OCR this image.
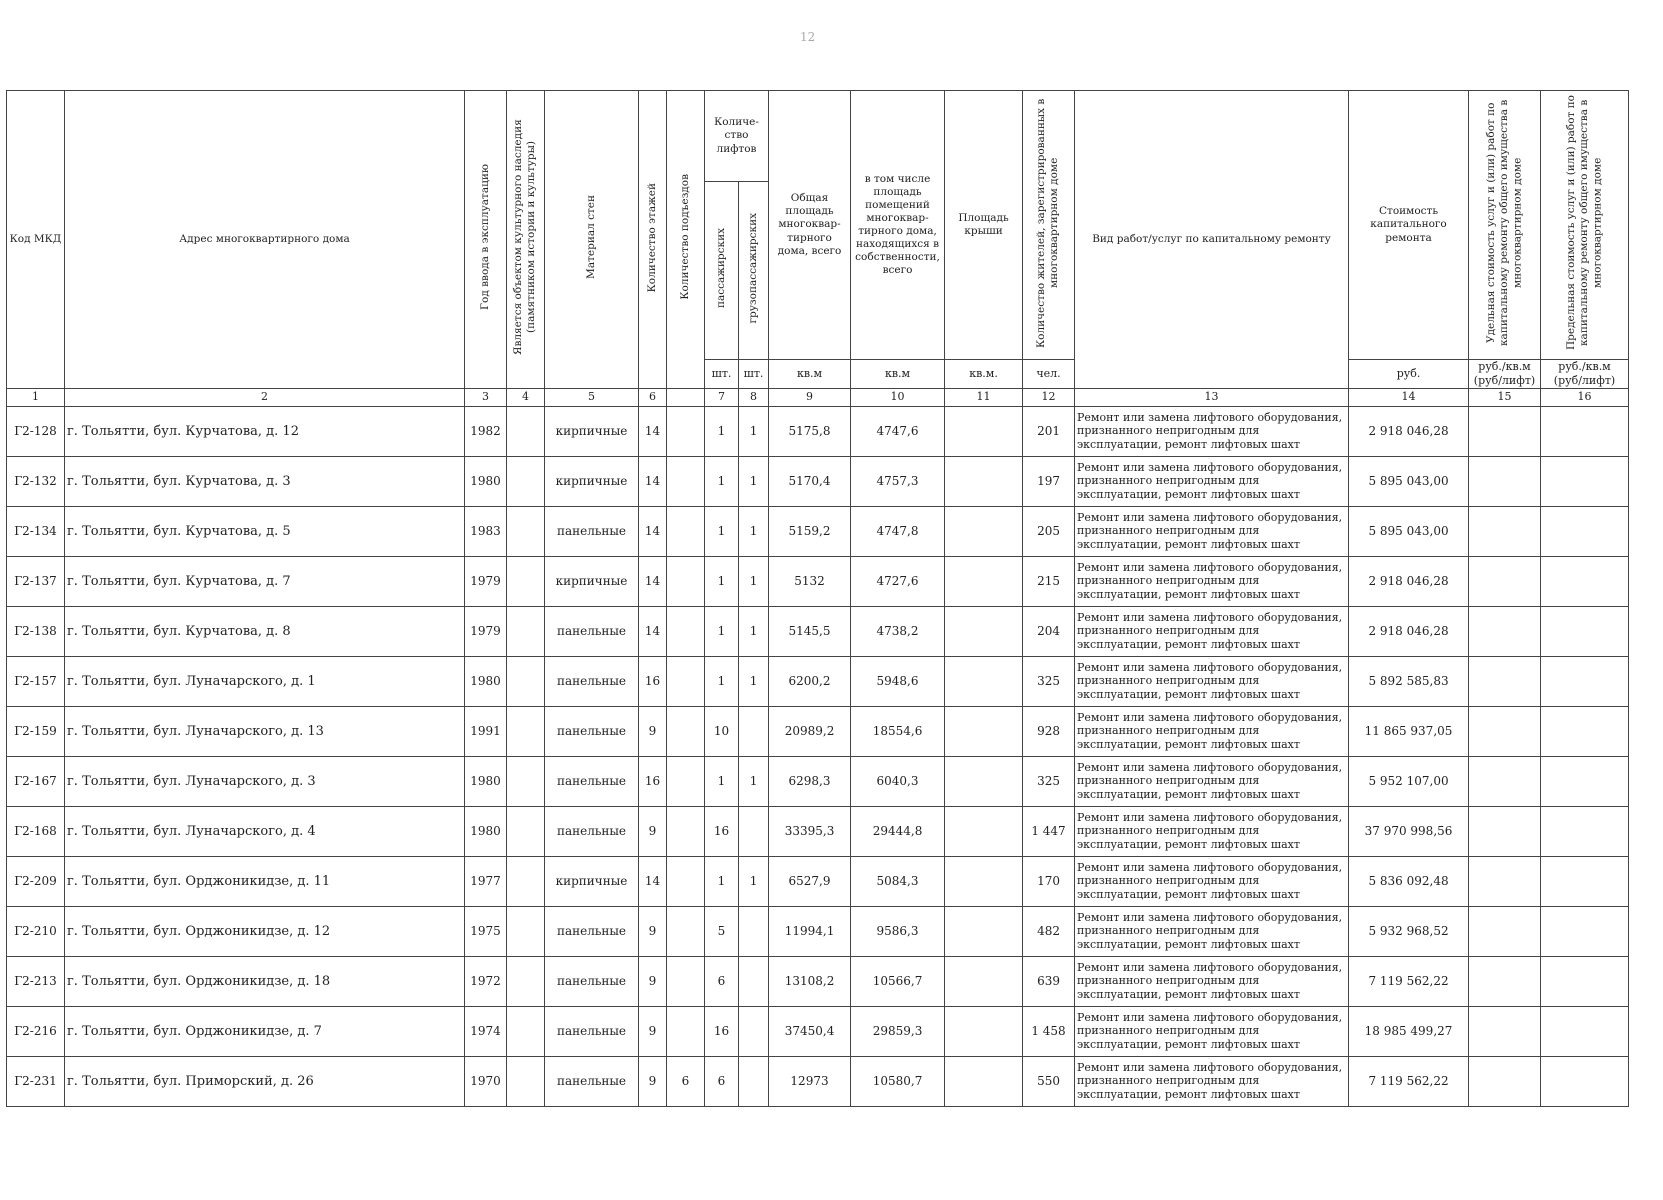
12
Код МКД	Адрес многоквартирного дома	Год ввода в эксплуатацию	Является объектом культурного наследия (памятником истории и культуры)	Материал стен	Количество этажей	Количество подъездов	Количе-ство лифтов		Общая площадь многоквар-тирного дома, всего	в том числе площадь помещений многоквар-тирного дома, находящихся в собственности, всего	Площадь крыши	Количество жителей, зарегистрированных в многоквартирном доме	Вид работ/услуг по капитальному ремонту	Стоимость капитального ремонта	Удельная стоимость услуг и (или) работ по капитальному ремонту общего имущества в многоквартирном доме	Предельная стоимость услуг и (или) работ по капитальному ремонту общего имущества в многоквартирном доме
							пассажирских	грузопассажирских								
							шт.	шт.	кв.м	кв.м	кв.м.	чел.		руб.	руб./кв.м (руб/лифт)	руб./кв.м (руб/лифт)
1	2	3	4	5	6		7	8	9	10	11	12	13	14	15	16
Г2-128	г. Тольятти, бул. Курчатова, д. 12	1982		кирпичные	14		1	1	5175,8	4747,6		201	Ремонт или замена лифтового оборудования, признанного непригодным для эксплуатации, ремонт лифтовых шахт	2 918 046,28		
Г2-132	г. Тольятти, бул. Курчатова, д. 3	1980		кирпичные	14		1	1	5170,4	4757,3		197	Ремонт или замена лифтового оборудования, признанного непригодным для эксплуатации, ремонт лифтовых шахт	5 895 043,00		
Г2-134	г. Тольятти, бул. Курчатова, д. 5	1983		панельные	14		1	1	5159,2	4747,8		205	Ремонт или замена лифтового оборудования, признанного непригодным для эксплуатации, ремонт лифтовых шахт	5 895 043,00		
Г2-137	г. Тольятти, бул. Курчатова, д. 7	1979		кирпичные	14		1	1	5132	4727,6		215	Ремонт или замена лифтового оборудования, признанного непригодным для эксплуатации, ремонт лифтовых шахт	2 918 046,28		
Г2-138	г. Тольятти, бул. Курчатова, д. 8	1979		панельные	14		1	1	5145,5	4738,2		204	Ремонт или замена лифтового оборудования, признанного непригодным для эксплуатации, ремонт лифтовых шахт	2 918 046,28		
Г2-157	г. Тольятти, бул. Луначарского, д. 1	1980		панельные	16		1	1	6200,2	5948,6		325	Ремонт или замена лифтового оборудования, признанного непригодным для эксплуатации, ремонт лифтовых шахт	5 892 585,83		
Г2-159	г. Тольятти, бул. Луначарского, д. 13	1991		панельные	9		10		20989,2	18554,6		928	Ремонт или замена лифтового оборудования, признанного непригодным для эксплуатации, ремонт лифтовых шахт	11 865 937,05		
Г2-167	г. Тольятти, бул. Луначарского, д. 3	1980		панельные	16		1	1	6298,3	6040,3		325	Ремонт или замена лифтового оборудования, признанного непригодным для эксплуатации, ремонт лифтовых шахт	5 952 107,00		
Г2-168	г. Тольятти, бул. Луначарского, д. 4	1980		панельные	9		16		33395,3	29444,8		1 447	Ремонт или замена лифтового оборудования, признанного непригодным для эксплуатации, ремонт лифтовых шахт	37 970 998,56		
Г2-209	г. Тольятти, бул. Орджоникидзе, д. 11	1977		кирпичные	14		1	1	6527,9	5084,3		170	Ремонт или замена лифтового оборудования, признанного непригодным для эксплуатации, ремонт лифтовых шахт	5 836 092,48		
Г2-210	г. Тольятти, бул. Орджоникидзе, д. 12	1975		панельные	9		5		11994,1	9586,3		482	Ремонт или замена лифтового оборудования, признанного непригодным для эксплуатации, ремонт лифтовых шахт	5 932 968,52		
Г2-213	г. Тольятти, бул. Орджоникидзе, д. 18	1972		панельные	9		6		13108,2	10566,7		639	Ремонт или замена лифтового оборудования, признанного непригодным для эксплуатации, ремонт лифтовых шахт	7 119 562,22		
Г2-216	г. Тольятти, бул. Орджоникидзе, д. 7	1974		панельные	9		16		37450,4	29859,3		1 458	Ремонт или замена лифтового оборудования, признанного непригодным для эксплуатации, ремонт лифтовых шахт	18 985 499,27		
Г2-231	г. Тольятти, бул. Приморский, д. 26	1970		панельные	9	6	6		12973	10580,7		550	Ремонт или замена лифтового оборудования, признанного непригодным для эксплуатации, ремонт лифтовых шахт	7 119 562,22		
